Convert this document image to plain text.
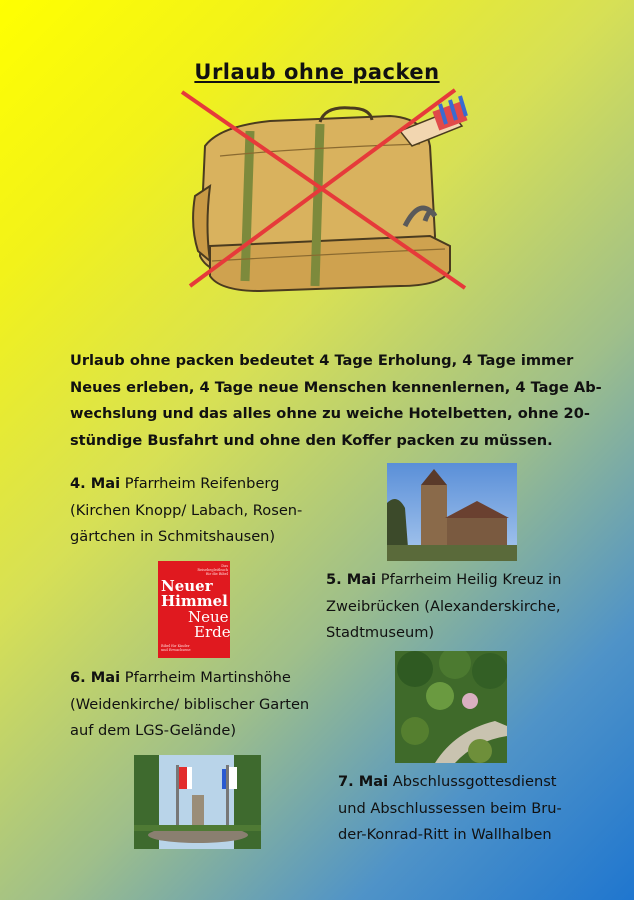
Urlaub ohne packen
Urlaub ohne packen bedeutet 4 Tage Erholung, 4 Tage immer
Neues erleben, 4 Tage neue Menschen kennenlernen, 4 Tage Ab-
wechslung und das alles ohne zu weiche Hotelbetten, ohne 20-
stündige Busfahrt und ohne den Koffer packen zu müssen.
4. Mai Pfarrheim Reifenberg
(Kirchen Knopp/ Labach, Rosen-
gärtchen in Schmitshausen)
Das Reisebegleitbuch für die Bibel
Neuer
Himmel
Neue
Erde
Bibel für Kinder und Erwachsene
5. Mai Pfarrheim Heilig Kreuz in
Zweibrücken (Alexanderskirche,
Stadtmuseum)
6. Mai Pfarrheim Martinshöhe
(Weidenkirche/ biblischer Garten
auf dem LGS-Gelände)
7. Mai Abschlussgottesdienst
und Abschlussessen beim Bru-
der-Konrad-Ritt in Wallhalben
